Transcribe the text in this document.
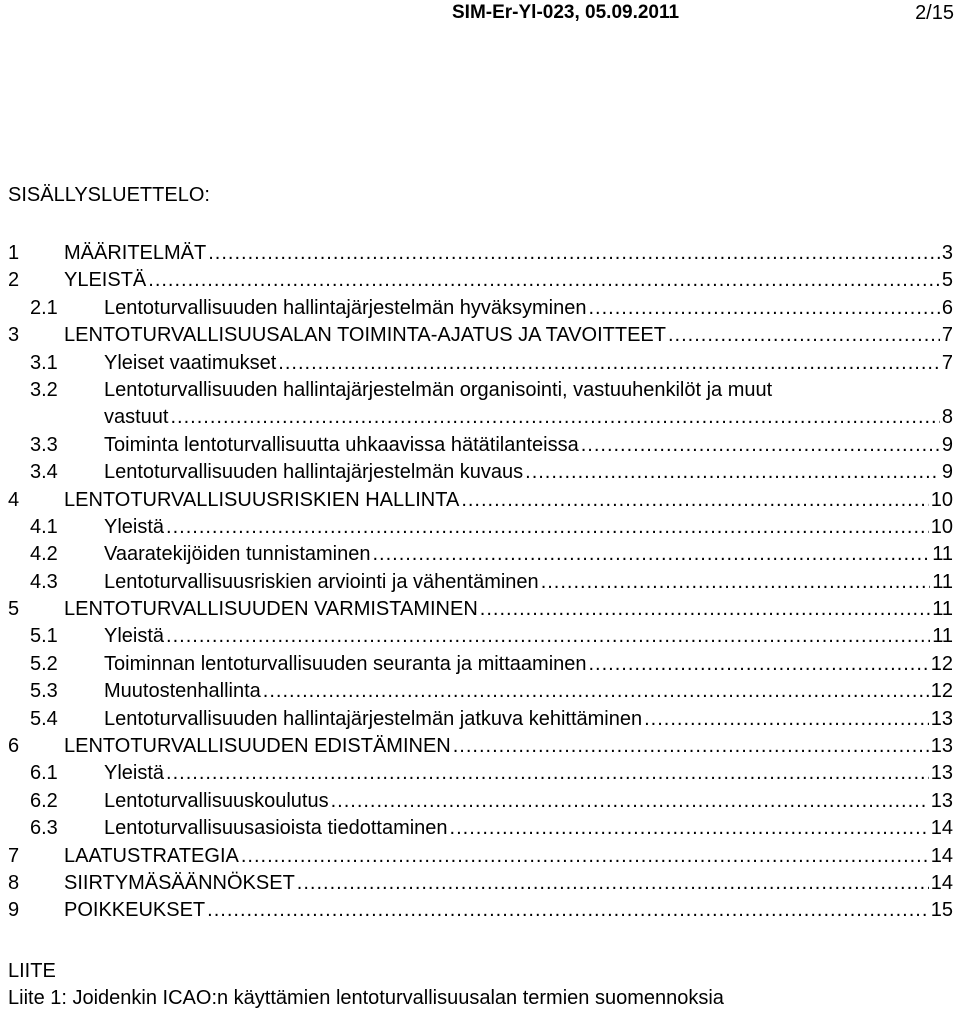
SIM-Er-Yl-023, 05.09.2011	2/15
SISÄLLYSLUETTELO:
1 MÄÄRITELMÄT .....	3
2 YLEISTÄ .....	5
2.1 Lentoturvallisuuden hallintajärjestelmän hyväksyminen .....	6
3 LENTOTURVALLISUUSALAN TOIMINTA-AJATUS JA TAVOITTEET .....	7
3.1 Yleiset vaatimukset .....	7
3.2 Lentoturvallisuuden hallintajärjestelmän organisointi, vastuuhenkilöt ja muut
vastuut .....	8
3.3 Toiminta lentoturvallisuutta uhkaavissa hätätilanteissa .....	9
3.4 Lentoturvallisuuden hallintajärjestelmän kuvaus .....	9
4 LENTOTURVALLISUUSRISKIEN HALLINTA .....	10
4.1 Yleistä .....	10
4.2 Vaaratekijöiden tunnistaminen .....	11
4.3 Lentoturvallisuusriskien arviointi ja vähentäminen .....	11
5 LENTOTURVALLISUUDEN VARMISTAMINEN .....	11
5.1 Yleistä .....	11
5.2 Toiminnan lentoturvallisuuden seuranta ja mittaaminen .....	12
5.3 Muutostenhallinta .....	12
5.4 Lentoturvallisuuden hallintajärjestelmän jatkuva kehittäminen .....	13
6 LENTOTURVALLISUUDEN EDISTÄMINEN .....	13
6.1 Yleistä .....	13
6.2 Lentoturvallisuuskoulutus .....	13
6.3 Lentoturvallisuusasioista tiedottaminen .....	14
7 LAATUSTRATEGIA .....	14
8 SIIRTYMÄSÄÄNNÖKSET .....	14
9 POIKKEUKSET .....	15
LIITE
Liite 1: Joidenkin ICAO:n käyttämien lentoturvallisuusalan termien suomennoksia
